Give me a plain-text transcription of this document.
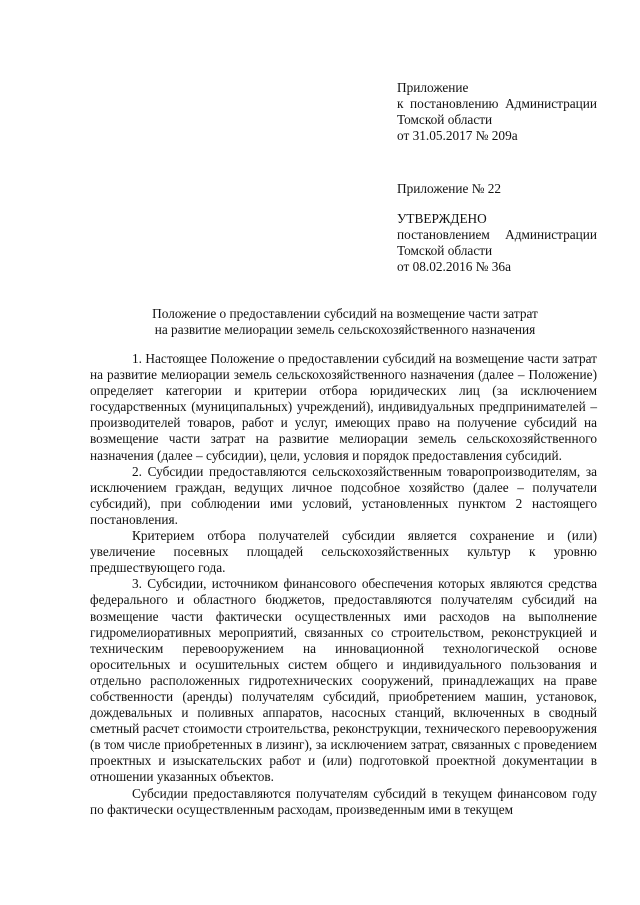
Приложение
к постановлению Администрации
Томской области
от 31.05.2017 № 209а
Приложение № 22
УТВЕРЖДЕНО
постановлением Администрации
Томской области
от 08.02.2016 № 36а
Положение о предоставлении субсидий на возмещение части затрат
на развитие мелиорации земель сельскохозяйственного назначения

1. Настоящее Положение о предоставлении субсидий на возмещение части затрат на развитие мелиорации земель сельскохозяйственного назначения (далее – Положение) определяет категории и критерии отбора юридических лиц (за исключением государственных (муниципальных) учреждений), индивидуальных предпринимателей – производителей товаров, работ и услуг, имеющих право на получение субсидий на возмещение части затрат на развитие мелиорации земель сельскохозяйственного назначения (далее – субсидии), цели, условия и порядок предоставления субсидий.

2. Субсидии предоставляются сельскохозяйственным товаропроизводителям, за исключением граждан, ведущих личное подсобное хозяйство (далее – получатели субсидий), при соблюдении ими условий, установленных пунктом 2 настоящего постановления.

Критерием отбора получателей субсидии является сохранение и (или) увеличение посевных площадей сельскохозяйственных культур к уровню предшествующего года.

3. Субсидии, источником финансового обеспечения которых являются средства федерального и областного бюджетов, предоставляются получателям субсидий на возмещение части фактически осуществленных ими расходов на выполнение гидромелиоративных мероприятий, связанных со строительством, реконструкцией и техническим перевооружением на инновационной технологической основе оросительных и осушительных систем общего и индивидуального пользования и отдельно расположенных гидротехнических сооружений, принадлежащих на праве собственности (аренды) получателям субсидий, приобретением машин, установок, дождевальных и поливных аппаратов, насосных станций, включенных в сводный сметный расчет стоимости строительства, реконструкции, технического перевооружения (в том числе приобретенных в лизинг), за исключением затрат, связанных с проведением проектных и изыскательских работ и (или) подготовкой проектной документации в отношении указанных объектов.

Субсидии предоставляются получателям субсидий в текущем финансовом году по фактически осуществленным расходам, произведенным ими в текущем
